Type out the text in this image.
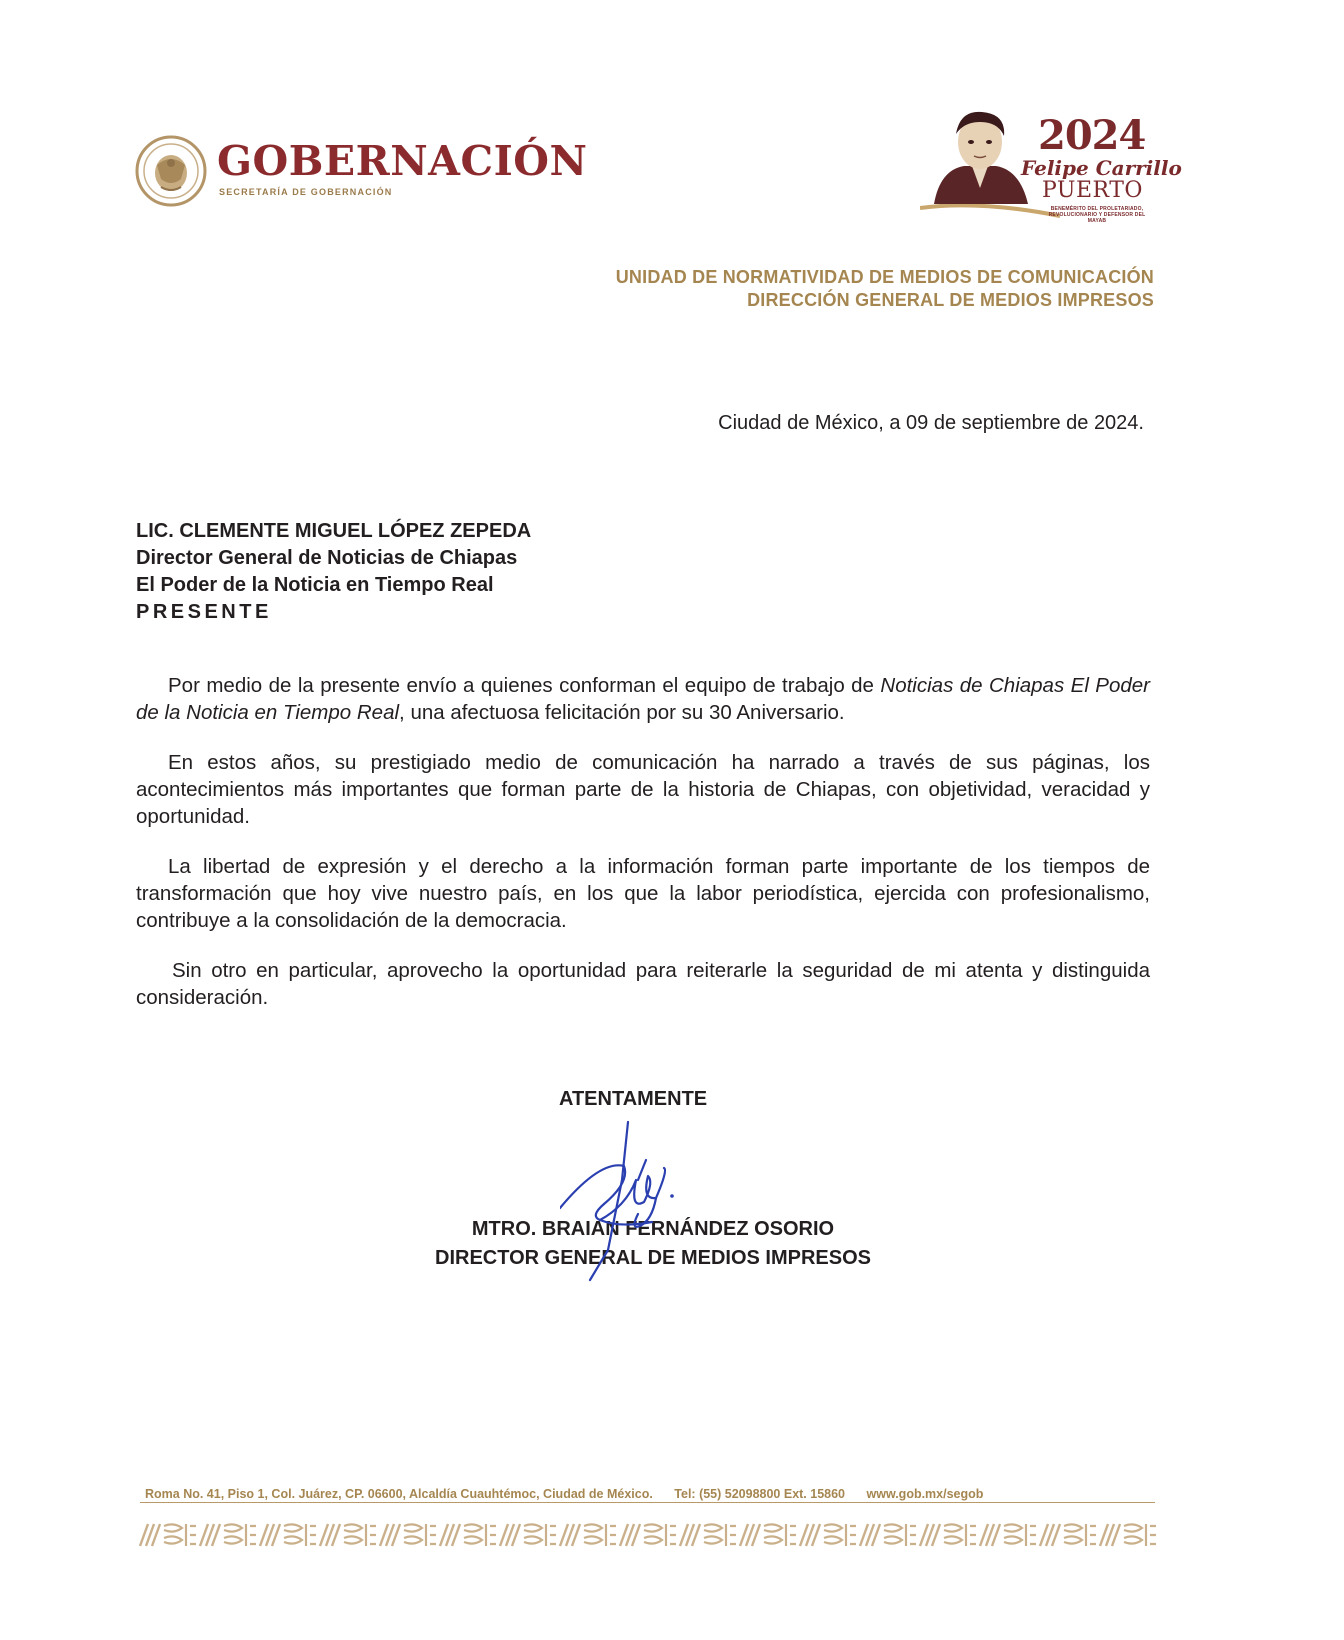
GOBERNACIÓN
SECRETARÍA DE GOBERNACIÓN
2024
Felipe Carrillo
PUERTO
BENEMÉRITO DEL PROLETARIADO, REVOLUCIONARIO Y DEFENSOR DEL MAYAB
UNIDAD DE NORMATIVIDAD DE MEDIOS DE COMUNICACIÓN
DIRECCIÓN GENERAL DE MEDIOS IMPRESOS
Ciudad de México, a 09 de septiembre de 2024.
LIC. CLEMENTE MIGUEL LÓPEZ ZEPEDA
Director General de Noticias de Chiapas
El Poder de la Noticia en Tiempo Real
PRESENTE

Por medio de la presente envío a quienes conforman el equipo de trabajo de Noticias de Chiapas El Poder de la Noticia en Tiempo Real, una afectuosa felicitación por su 30 Aniversario.

En estos años, su prestigiado medio de comunicación ha narrado a través de sus páginas, los acontecimientos más importantes que forman parte de la historia de Chiapas, con objetividad, veracidad y oportunidad.

La libertad de expresión y el derecho a la información forman parte importante de los tiempos de transformación que hoy vive nuestro país, en los que la labor periodística, ejercida con profesionalismo, contribuye a la consolidación de la democracia.

Sin otro en particular, aprovecho la oportunidad para reiterarle la seguridad de mi atenta y distinguida consideración.

ATENTAMENTE
MTRO. BRAIAN FERNÁNDEZ OSORIO
DIRECTOR GENERAL DE MEDIOS IMPRESOS
Roma No. 41, Piso 1, Col. Juárez, CP. 06600, Alcaldía Cuauhtémoc, Ciudad de México. Tel: (55) 52098800 Ext. 15860 www.gob.mx/segob
